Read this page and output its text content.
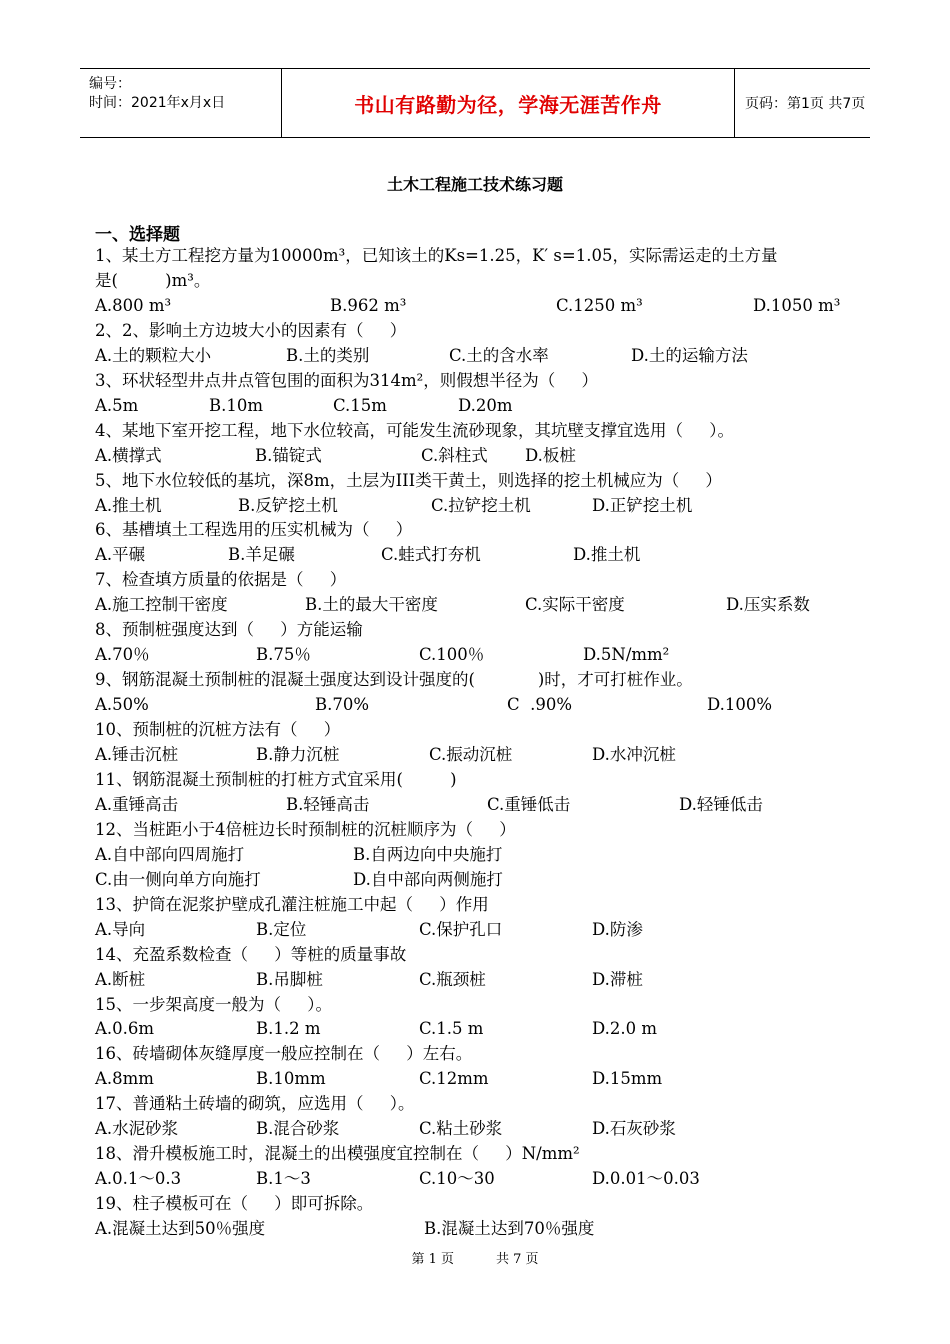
编号：
时间：2021年x月x日	书山有路勤为径，学海无涯苦作舟	页码：第1页 共7页
土木工程施工技术练习题
一、选择题
1、某土方工程挖方量为10000m³，已知该土的Ks=1.25，K′ s=1.05，实际需运走的土方量
是(         )m³。
A.800 m³	B.962 m³	C.1250 m³	D.1050 m³
2、2、影响土方边坡大小的因素有（     ）
A.土的颗粒大小	B.土的类别	C.土的含水率	D.土的运输方法
3、环状轻型井点井点管包围的面积为314m²，则假想半径为（     ）
A.5m	B.10m	C.15m	D.20m
4、某地下室开挖工程，地下水位较高，可能发生流砂现象，其坑壁支撑宜选用（     ）。
A.横撑式	B.锚锭式	C.斜柱式 D.板桩
5、地下水位较低的基坑，深8m，土层为III类干黄土，则选择的挖土机械应为（     ）
A.推土机	B.反铲挖土机	C.拉铲挖土机	D.正铲挖土机
6、基槽填土工程选用的压实机械为（     ）
A.平碾	B.羊足碾	C.蛙式打夯机	D.推土机
7、检查填方质量的依据是（     ）
A.施工控制干密度	B.土的最大干密度	C.实际干密度	D.压实系数
8、预制桩强度达到（     ）方能运输
A.70％	B.75％	C.100％	D.5N/mm²
9、钢筋混凝土预制桩的混凝土强度达到设计强度的(            )时，才可打桩作业。
A.50%	B.70%	C  .90%	D.100%
10、预制桩的沉桩方法有（     ）
A.锤击沉桩	B.静力沉桩	C.振动沉桩	D.水冲沉桩
11、钢筋混凝土预制桩的打桩方式宜采用(         )
A.重锤高击	B.轻锤高击	C.重锤低击	D.轻锤低击
12、当桩距小于4倍桩边长时预制桩的沉桩顺序为（     ）
A.自中部向四周施打	B.自两边向中央施打
C.由一侧向单方向施打	D.自中部向两侧施打
13、护筒在泥浆护壁成孔灌注桩施工中起（     ）作用
A.导向	B.定位	C.保护孔口	D.防渗
14、充盈系数检查（     ）等桩的质量事故
A.断桩	B.吊脚桩	C.瓶颈桩	D.滞桩
15、一步架高度一般为（     ）。
A.0.6m	B.1.2 m	C.1.5 m	D.2.0 m
16、砖墙砌体灰缝厚度一般应控制在（     ）左右。
A.8mm	B.10mm	C.12mm	D.15mm
17、普通粘土砖墙的砌筑，应选用（     ）。
A.水泥砂浆	B.混合砂浆	C.粘土砂浆	D.石灰砂浆
18、滑升模板施工时，混凝土的出模强度宜控制在（     ）N/mm²
A.0.1～0.3	B.1～3	C.10～30	D.0.01～0.03
19、柱子模板可在（     ）即可拆除。
A.混凝土达到50％强度	B.混凝土达到70％强度
第 1 页	共 7 页
